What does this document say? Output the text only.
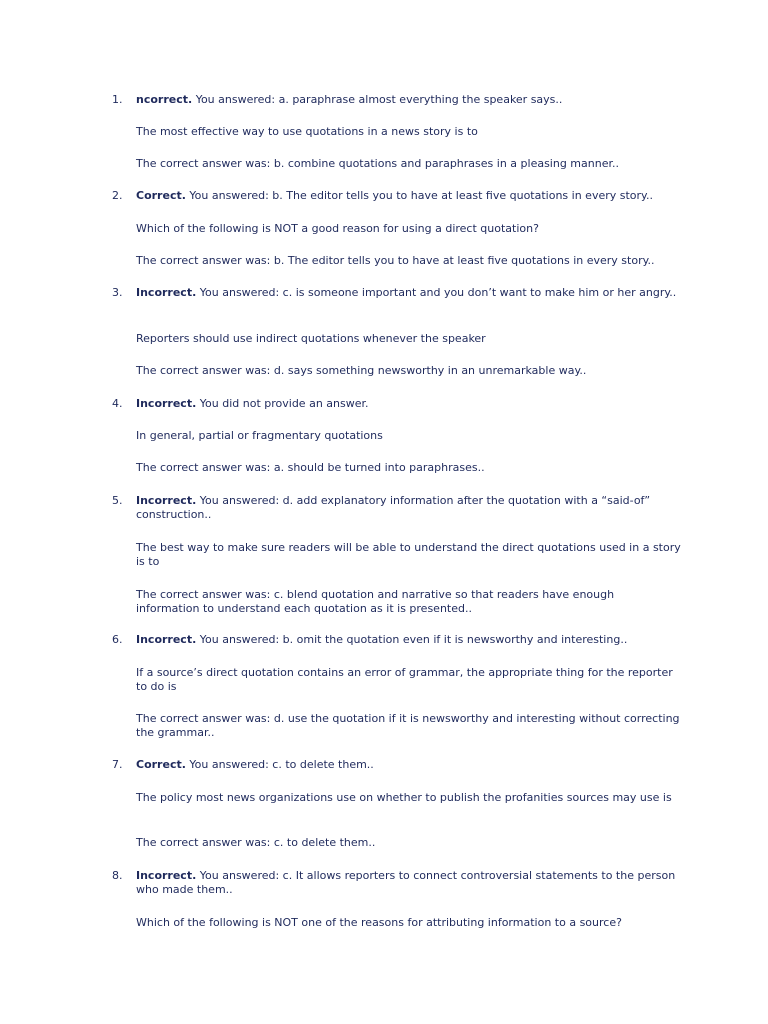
1.	ncorrect. You answered: a. paraphrase almost everything the speaker says..

The most effective way to use quotations in a news story is to

The correct answer was: b. combine quotations and paraphrases in a pleasing manner..

2.	Correct. You answered: b. The editor tells you to have at least five quotations in every story..

Which of the following is NOT a good reason for using a direct quotation?

The correct answer was: b. The editor tells you to have at least five quotations in every story..

3.	Incorrect. You answered: c. is someone important and you don’t want to make him or her angry..

Reporters should use indirect quotations whenever the speaker

The correct answer was: d. says something newsworthy in an unremarkable way..

4.	Incorrect. You did not provide an answer.

In general, partial or fragmentary quotations

The correct answer was: a. should be turned into paraphrases..

5.	Incorrect. You answered: d. add explanatory information after the quotation with a “said-of” construction..

The best way to make sure readers will be able to understand the direct quotations used in a story is to

The correct answer was: c. blend quotation and narrative so that readers have enough information to understand each quotation as it is presented..

6.	Incorrect. You answered: b. omit the quotation even if it is newsworthy and interesting..

If a source’s direct quotation contains an error of grammar, the appropriate thing for the reporter to do is

The correct answer was: d. use the quotation if it is newsworthy and interesting without correcting the grammar..

7.	Correct. You answered: c. to delete them..

The policy most news organizations use on whether to publish the profanities sources may use is

The correct answer was: c. to delete them..

8.	Incorrect. You answered: c. It allows reporters to connect controversial statements to the person who made them..

Which of the following is NOT one of the reasons for attributing information to a source?
